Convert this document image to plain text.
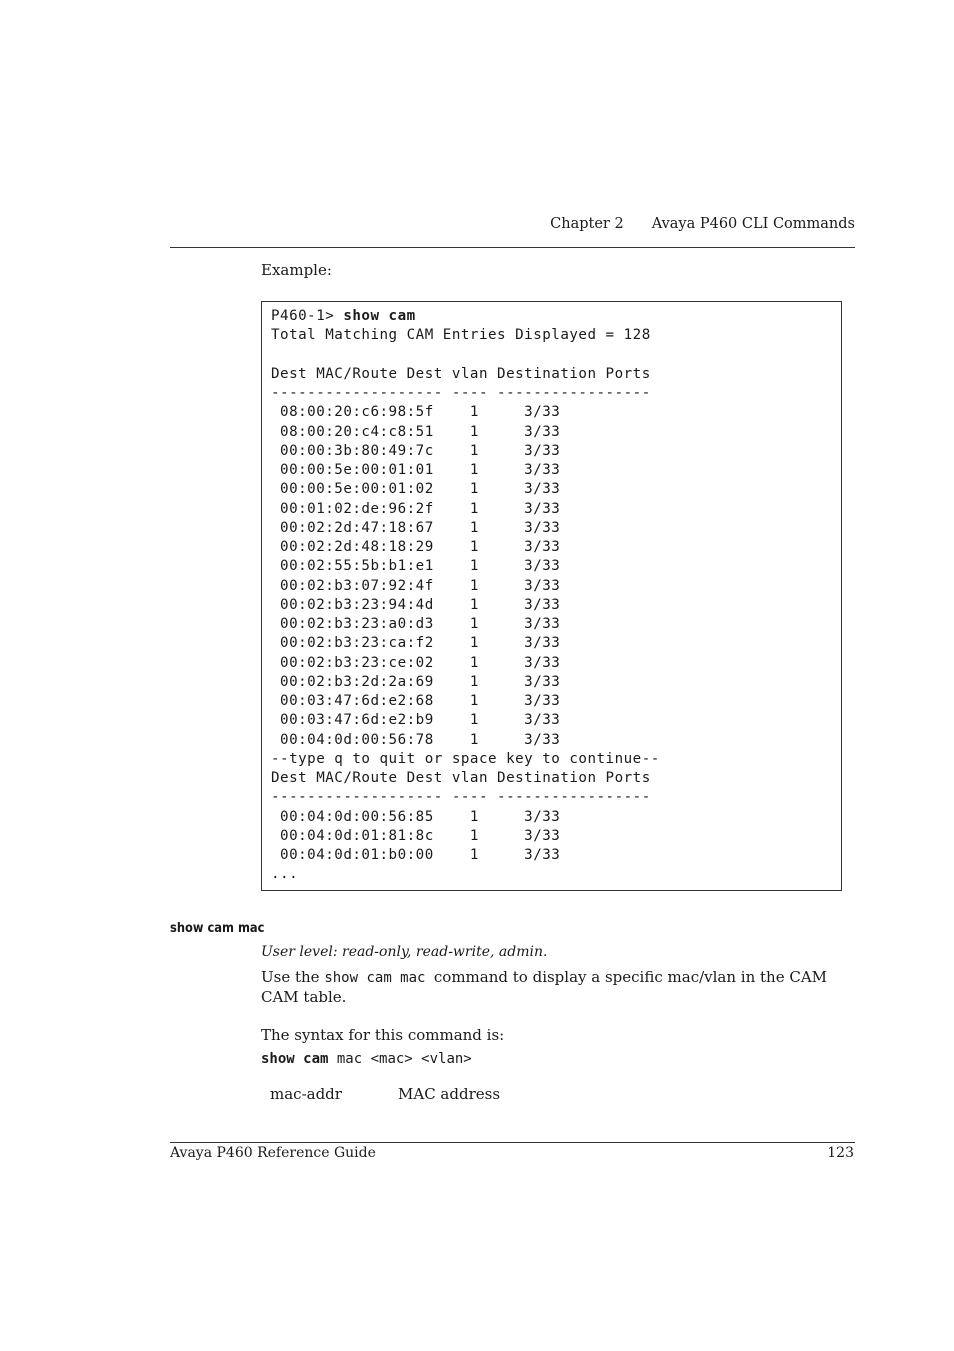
Chapter 2 Avaya P460 CLI Commands
Example:
P460-1> show cam
Total Matching CAM Entries Displayed = 128

Dest MAC/Route Dest vlan Destination Ports
------------------- ---- -----------------
08:00:20:c6:98:5f    1     3/33
08:00:20:c4:c8:51    1     3/33
00:00:3b:80:49:7c    1     3/33
00:00:5e:00:01:01    1     3/33
00:00:5e:00:01:02    1     3/33
00:01:02:de:96:2f    1     3/33
00:02:2d:47:18:67    1     3/33
00:02:2d:48:18:29    1     3/33
00:02:55:5b:b1:e1    1     3/33
00:02:b3:07:92:4f    1     3/33
00:02:b3:23:94:4d    1     3/33
00:02:b3:23:a0:d3    1     3/33
00:02:b3:23:ca:f2    1     3/33
00:02:b3:23:ce:02    1     3/33
00:02:b3:2d:2a:69    1     3/33
00:03:47:6d:e2:68    1     3/33
00:03:47:6d:e2:b9    1     3/33
00:04:0d:00:56:78    1     3/33
--type q to quit or space key to continue--
Dest MAC/Route Dest vlan Destination Ports
------------------- ---- -----------------
00:04:0d:00:56:85    1     3/33
00:04:0d:01:81:8c    1     3/33
00:04:0d:01:b0:00    1     3/33
...
show cam mac
User level: read-only, read-write, admin.
Use the show cam mac command to display a specific mac/vlan in the CAM CAM table.
The syntax for this command is:
show cam mac <mac> <vlan>
mac-addr	MAC address
Avaya P460 Reference Guide	123
